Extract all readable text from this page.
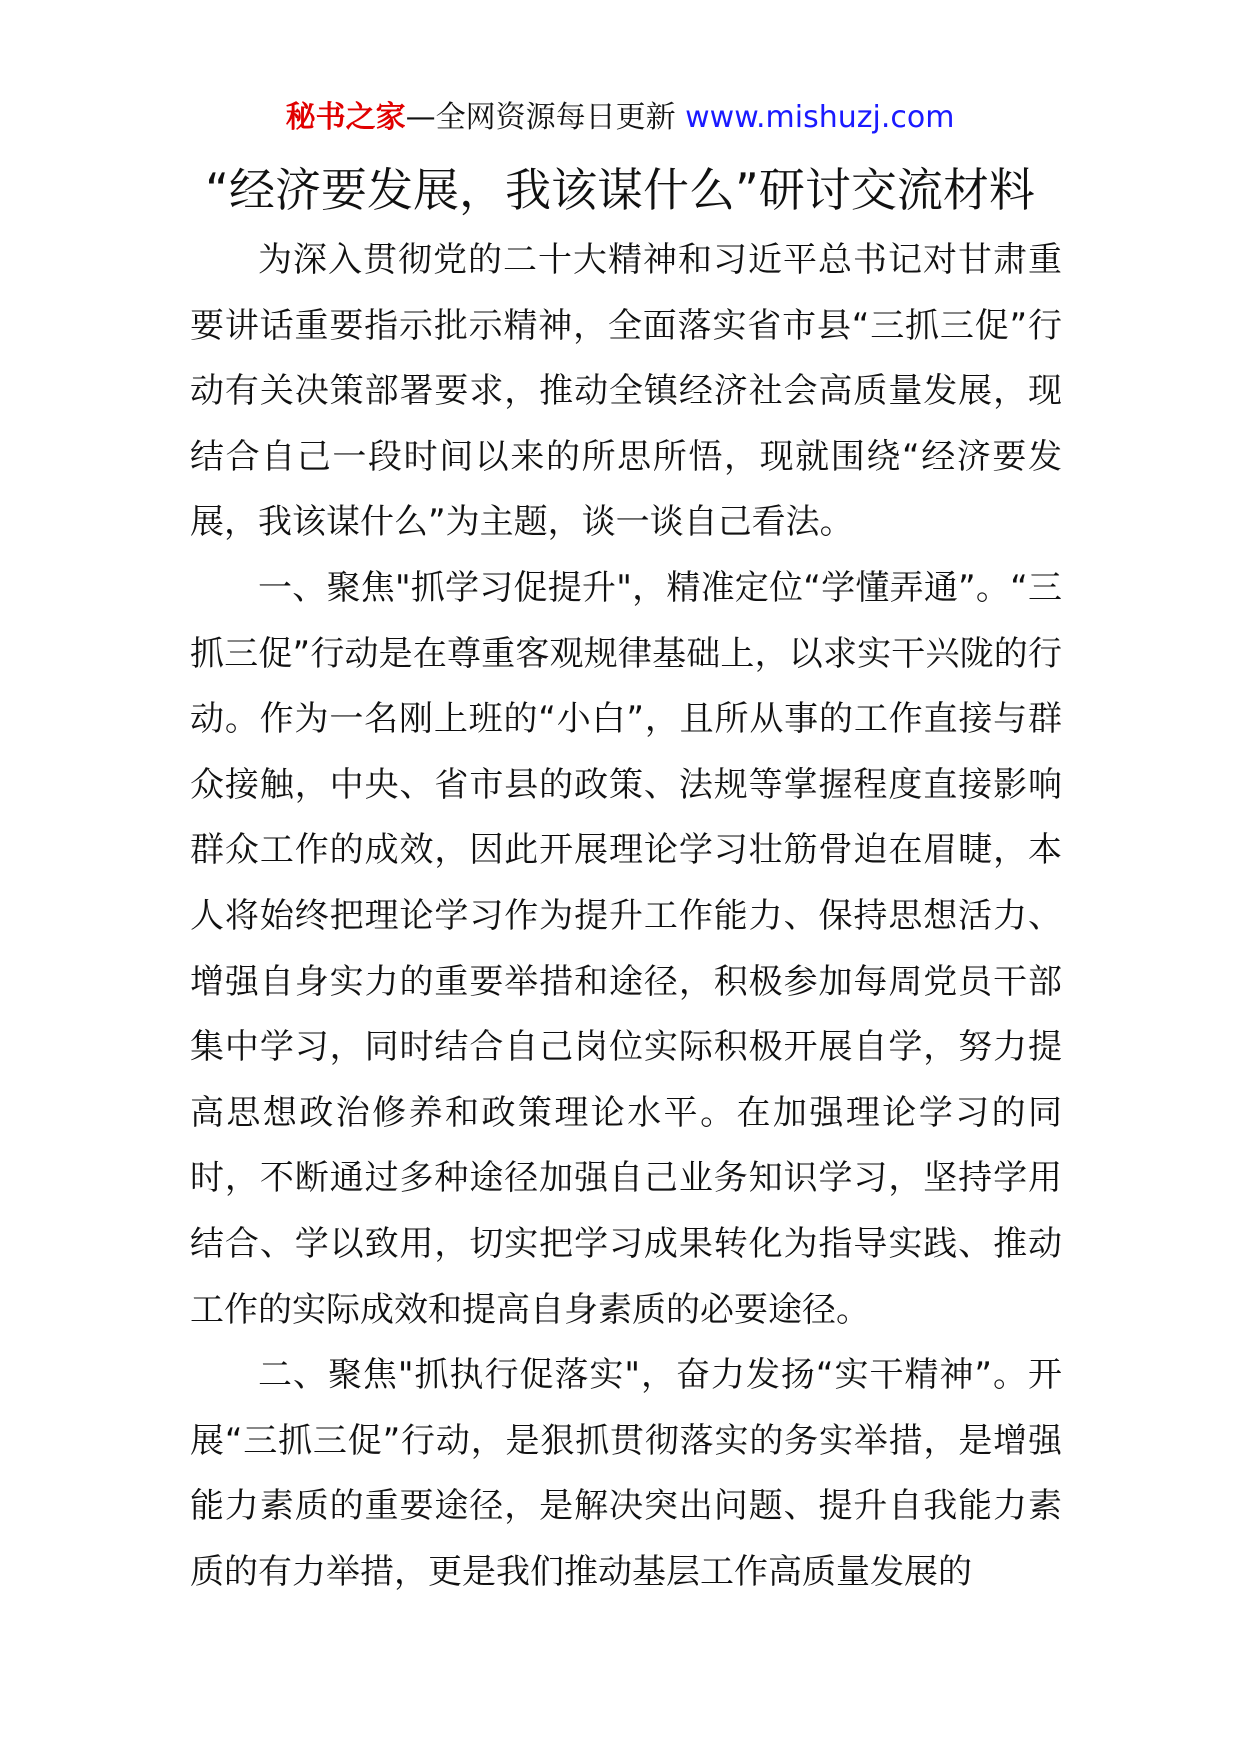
秘书之家—全网资源每日更新 www.mishuzj.com
“经济要发展，我该谋什么”研讨交流材料

为深入贯彻党的二十大精神和习近平总书记对甘肃重要讲话重要指示批示精神，全面落实省市县“三抓三促”行动有关决策部署要求，推动全镇经济社会高质量发展，现结合自己一段时间以来的所思所悟，现就围绕“经济要发展，我该谋什么”为主题，谈一谈自己看法。

一、聚焦"抓学习促提升"，精准定位“学懂弄通”。“三抓三促”行动是在尊重客观规律基础上，以求实干兴陇的行动。作为一名刚上班的“小白”，且所从事的工作直接与群众接触，中央、省市县的政策、法规等掌握程度直接影响群众工作的成效，因此开展理论学习壮筋骨迫在眉睫，本人将始终把理论学习作为提升工作能力、保持思想活力、增强自身实力的重要举措和途径，积极参加每周党员干部集中学习，同时结合自己岗位实际积极开展自学，努力提高思想政治修养和政策理论水平。在加强理论学习的同时，不断通过多种途径加强自己业务知识学习，坚持学用结合、学以致用，切实把学习成果转化为指导实践、推动工作的实际成效和提高自身素质的必要途径。

二、聚焦"抓执行促落实"，奋力发扬“实干精神”。开展“三抓三促”行动，是狠抓贯彻落实的务实举措，是增强能力素质的重要途径，是解决突出问题、提升自我能力素质的有力举措，更是我们推动基层工作高质量发展的
